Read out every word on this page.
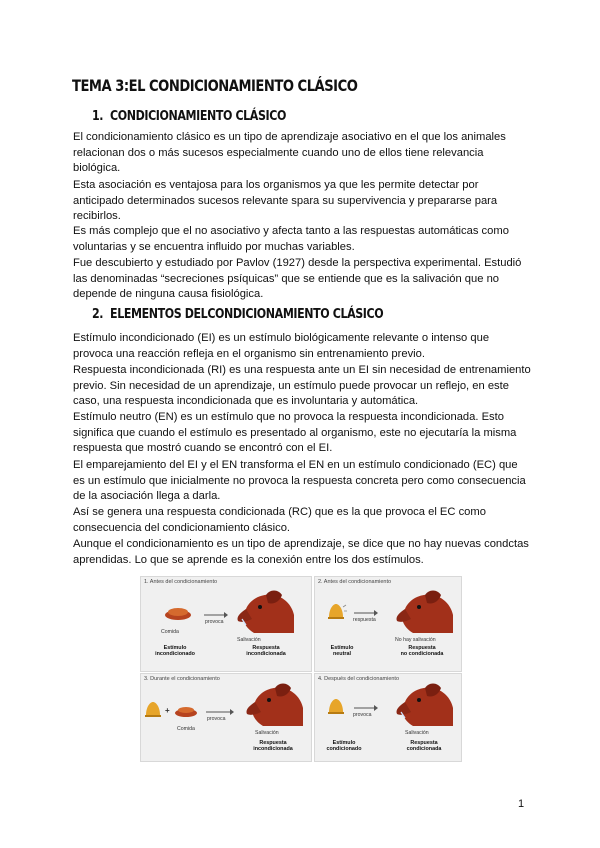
TEMA 3:EL CONDICIONAMIENTO CLÁSICO
1. CONDICIONAMIENTO CLÁSICO
El condicionamiento clásico es un tipo de aprendizaje asociativo en el que los animales relacionan dos o más sucesos especialmente cuando uno de ellos tiene relevancia biológica.
Esta asociación es ventajosa para los organismos ya que les permite detectar por anticipado determinados sucesos relevante spara su supervivencia y prepararse para recibirlos.
Es más complejo que el no asociativo y afecta tanto a las respuestas automáticas como voluntarias y se encuentra influido por muchas variables.
Fue descubierto y estudiado por Pavlov (1927) desde la perspectiva experimental. Estudió las denominadas “secreciones psíquicas” que se entiende que es la salivación que no depende de ninguna causa fisiológica.
2. ELEMENTOS DELCONDICIONAMIENTO CLÁSICO
Estímulo incondicionado (EI) es un estímulo biológicamente relevante o intenso que provoca una reacción refleja en el organismo sin entrenamiento previo.
Respuesta incondicionada (RI) es una respuesta ante un EI sin necesidad de entrenamiento previo. Sin necesidad de un aprendizaje, un estímulo puede provocar un reflejo, en este caso, una respuesta incondicionada que es involuntaria y automática.
Estímulo neutro (EN) es un estímulo que no provoca la respuesta incondicionada. Esto significa que cuando el estímulo es presentado al organismo, este no ejecutaría la misma respuesta que mostró cuando se encontró con el EI.
El emparejamiento del EI y el EN transforma el EN en un estímulo condicionado (EC) que es un estímulo que inicialmente no provoca la respuesta concreta pero como consecuencia de la asociación llega a darla.
Así se genera una respuesta condicionada (RC) que es la que provoca el EC como consecuencia del condicionamiento clásico.
Aunque el condicionamiento es un tipo de aprendizaje, se dice que no hay nuevas condctas aprendidas. Lo que se aprende es la conexión entre los dos estímulos.
1. Antes del condicionamiento
provoca
Comida
Salivación
Estímulo
incondicionado
Respuesta
incondicionada
2. Antes del condicionamiento
respuesta
No hay salivación
Estímulo
neutral
Respuesta
no condicionada
3. Durante el condicionamiento
+
provoca
Comida
Salivación
Respuesta
incondicionada
4. Después del condicionamiento
provoca
Salivación
Estímulo
condicionado
Respuesta
condicionada
1
